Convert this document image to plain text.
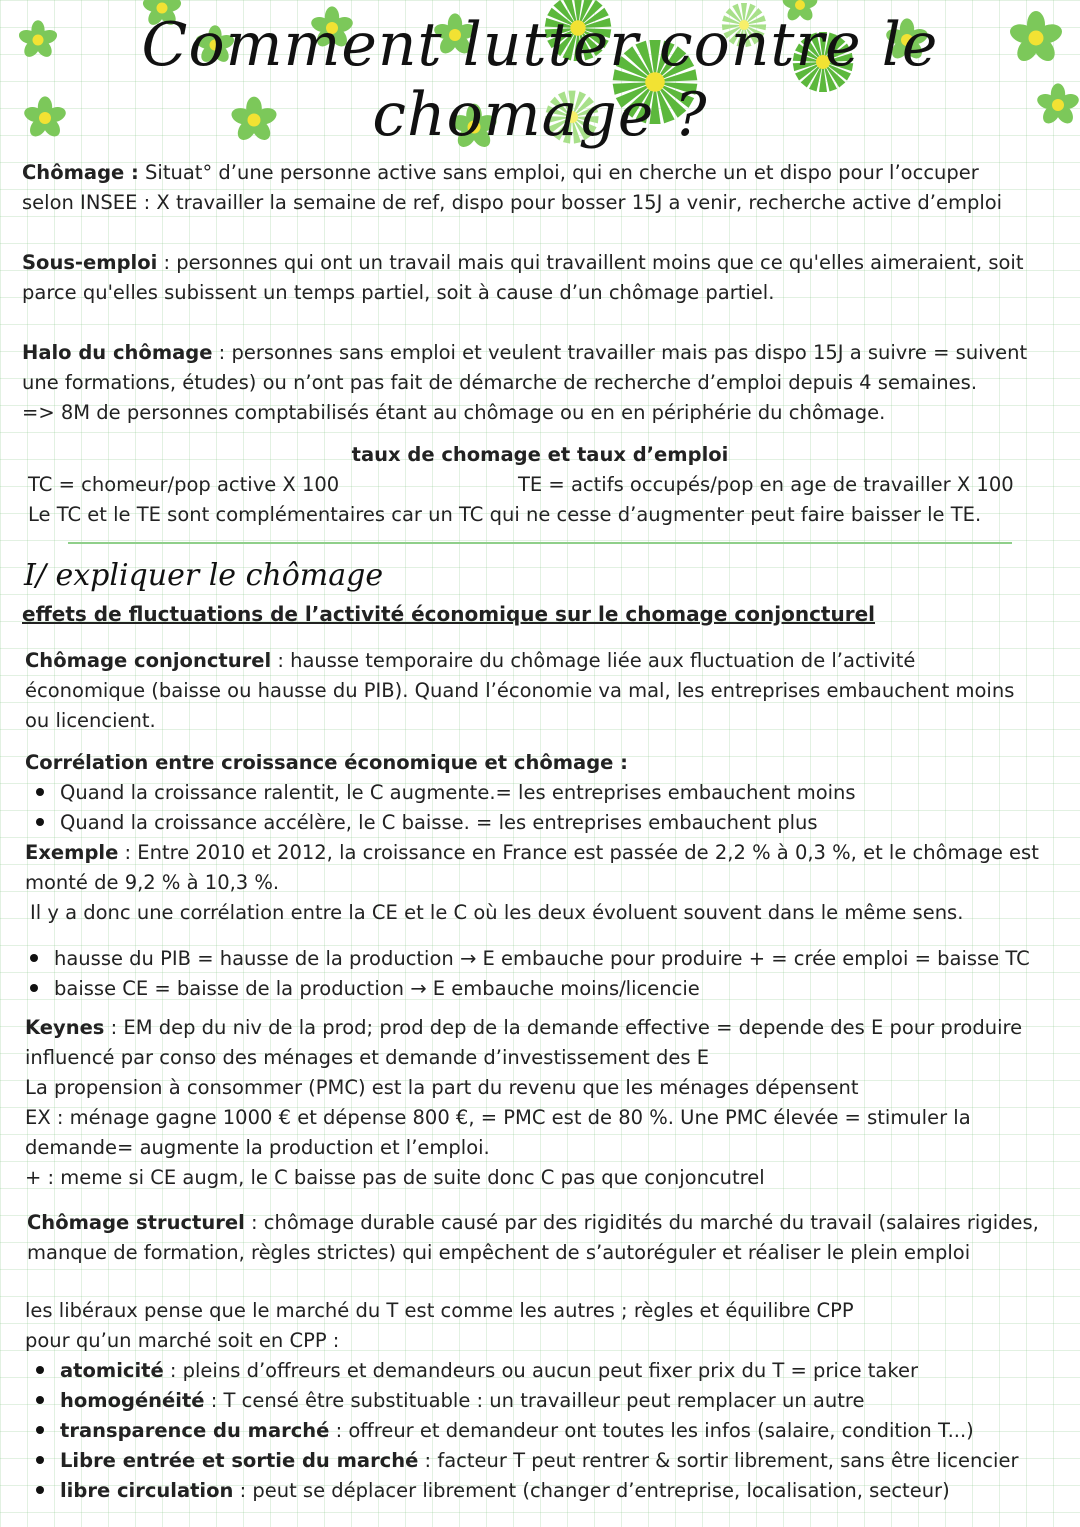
Comment lutter contre le chomage ?
Chômage : Situat° d’une personne active sans emploi, qui en cherche un et dispo pour l’occuper
selon INSEE : X travailler la semaine de ref, dispo pour bosser 15J a venir, recherche active d’emploi
Sous-emploi : personnes qui ont un travail mais qui travaillent moins que ce qu'elles aimeraient, soit
parce qu'elles subissent un temps partiel, soit à cause d’un chômage partiel.
Halo du chômage : personnes sans emploi et veulent travailler mais pas dispo 15J a suivre = suivent
une formations, études) ou n’ont pas fait de démarche de recherche d’emploi depuis 4 semaines.
=> 8M de personnes comptabilisés étant au chômage ou en en périphérie du chômage.
taux de chomage et taux d’emploi
TC = chomeur/pop active X 100	TE = actifs occupés/pop en age de travailler X 100
Le TC et le TE sont complémentaires car un TC qui ne cesse d’augmenter peut faire baisser le TE.
I/ expliquer le chômage
effets de fluctuations de l’activité économique sur le chomage conjoncturel
Chômage conjoncturel : hausse temporaire du chômage liée aux fluctuation de l’activité
économique (baisse ou hausse du PIB). Quand l’économie va mal, les entreprises embauchent moins
ou licencient.
Corrélation entre croissance économique et chômage :
Quand la croissance ralentit, le C augmente.= les entreprises embauchent moins
Quand la croissance accélère, le C baisse. = les entreprises embauchent plus
Exemple : Entre 2010 et 2012, la croissance en France est passée de 2,2 % à 0,3 %, et le chômage est
monté de 9,2 % à 10,3 %.
Il y a donc une corrélation entre la CE et le C où les deux évoluent souvent dans le même sens.
hausse du PIB = hausse de la production → E embauche pour produire + = crée emploi = baisse TC
baisse CE = baisse de la production → E embauche moins/licencie
Keynes : EM dep du niv de la prod; prod dep de la demande effective = depende des E pour produire
influencé par conso des ménages et demande d’investissement des E
La propension à consommer (PMC) est la part du revenu que les ménages dépensent
EX : ménage gagne 1000 € et dépense 800 €, = PMC est de 80 %. Une PMC élevée = stimuler la
demande= augmente la production et l’emploi.
+ : meme si CE augm, le C baisse pas de suite donc C pas que conjoncutrel
Chômage structurel : chômage durable causé par des rigidités du marché du travail (salaires rigides,
manque de formation, règles strictes) qui empêchent de s’autoréguler et réaliser le plein emploi
les libéraux pense que le marché du T est comme les autres ; règles et équilibre CPP
pour qu’un marché soit en CPP :
atomicité : pleins d’offreurs et demandeurs ou aucun peut fixer prix du T = price taker
homogénéité : T censé être substituable : un travailleur peut remplacer un autre
transparence du marché : offreur et demandeur ont toutes les infos (salaire, condition T...)
Libre entrée et sortie du marché : facteur T peut rentrer & sortir librement, sans être licencier
libre circulation : peut se déplacer librement (changer d’entreprise, localisation, secteur)
